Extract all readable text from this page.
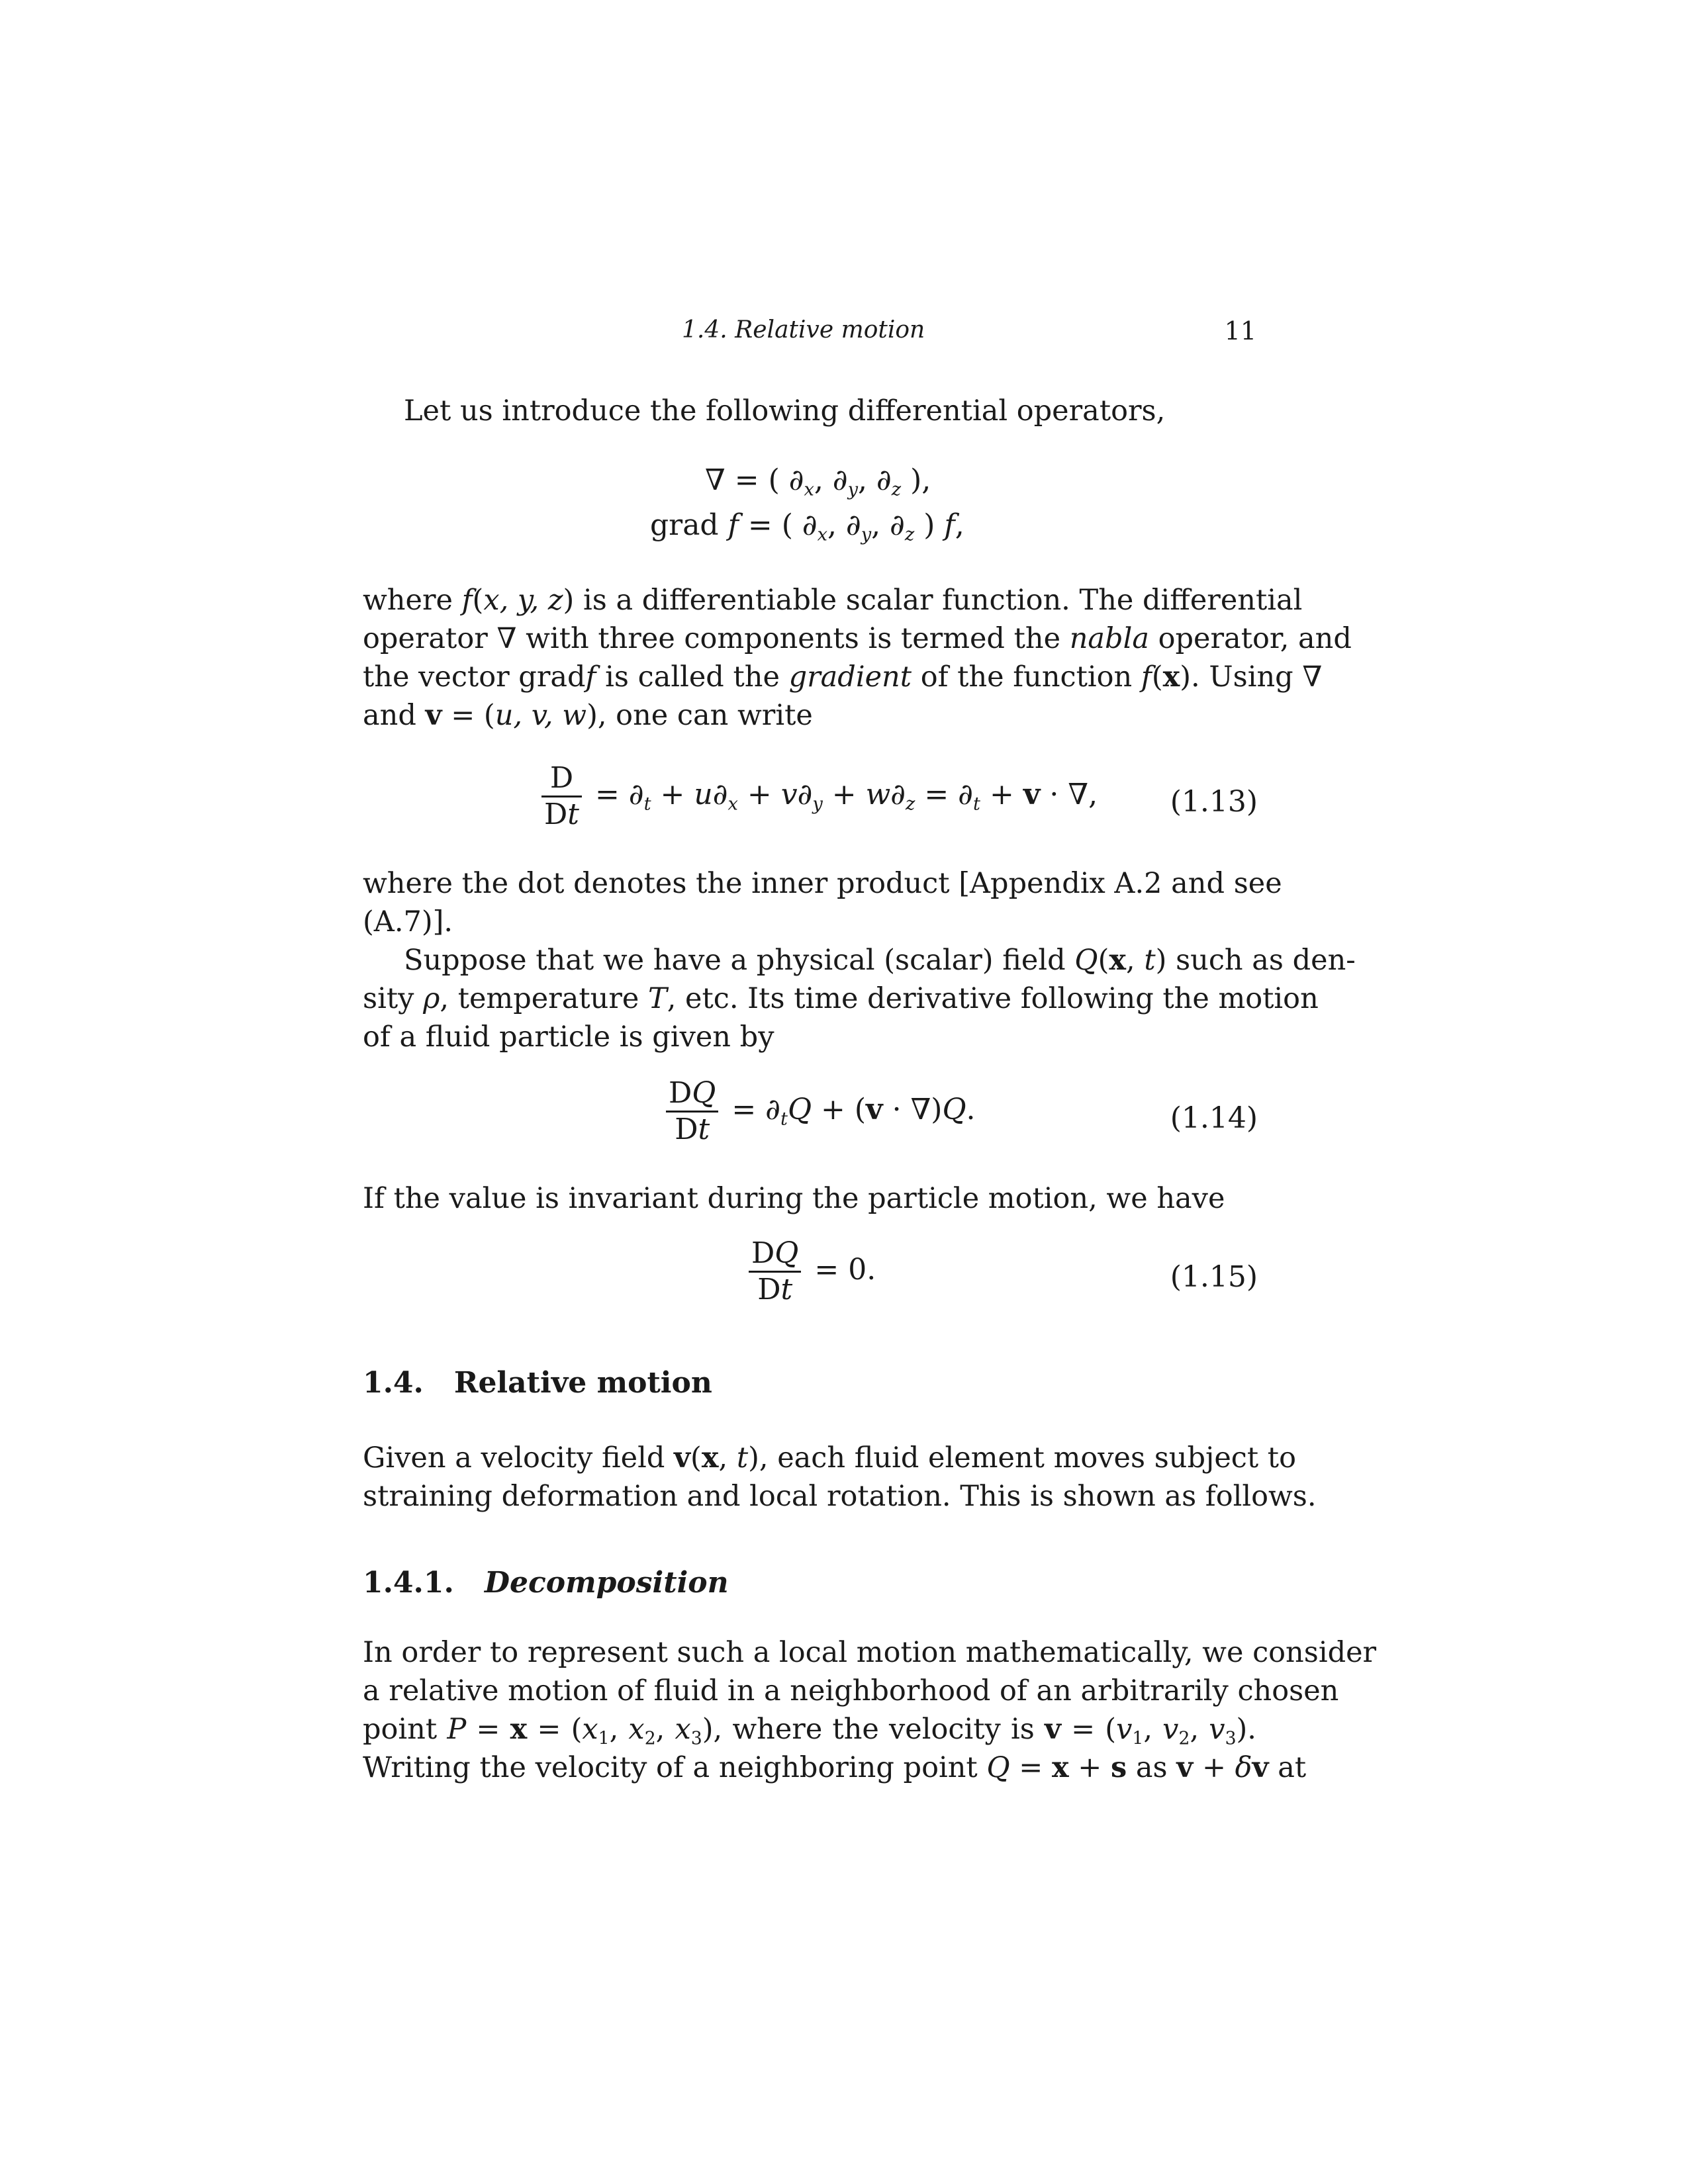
1.4. Relative motion	11
Let us introduce the following differential operators,
∇ = ( $\partial_x$, $\partial_y$, $\partial_z$ ),
grad f = ( $\partial_x$, $\partial_y$, $\partial_z$ ) f,
where f(x, y, z) is a differentiable scalar function. The differential
operator ∇ with three components is termed the nabla operator, and
the vector gradf is called the gradient of the function f(x). Using ∇
and v = (u, v, w), one can write
$\frac{D}{Dt} = \partial_t + u\partial_x + v\partial_y + w\partial_z = \partial_t + v$ · ∇, (1.13)
where the dot denotes the inner product [Appendix A.2 and see
(A.7)].
Suppose that we have a physical (scalar) field Q(x, t) such as den-
sity ρ, temperature T, etc. Its time derivative following the motion
of a fluid particle is given by
$\frac{DQ}{Dt} = \partial_tQ + (v \cdot \nabla)Q$.	(1.14)
If the value is invariant during the particle motion, we have
$\frac{DQ}{Dt} = 0$.	(1.15)
1.4. Relative motion
Given a velocity field v(x, t), each fluid element moves subject to
straining deformation and local rotation. This is shown as follows.
1.4.1. Decomposition
In order to represent such a local motion mathematically, we consider
a relative motion of fluid in a neighborhood of an arbitrarily chosen
point $P = x = (x_1$, $x_2$, $x_3$), where the velocity is $v = (v_1$, $v_2$, $v_3$).
Writing the velocity of a neighboring point Q = x + s as v + δv at
